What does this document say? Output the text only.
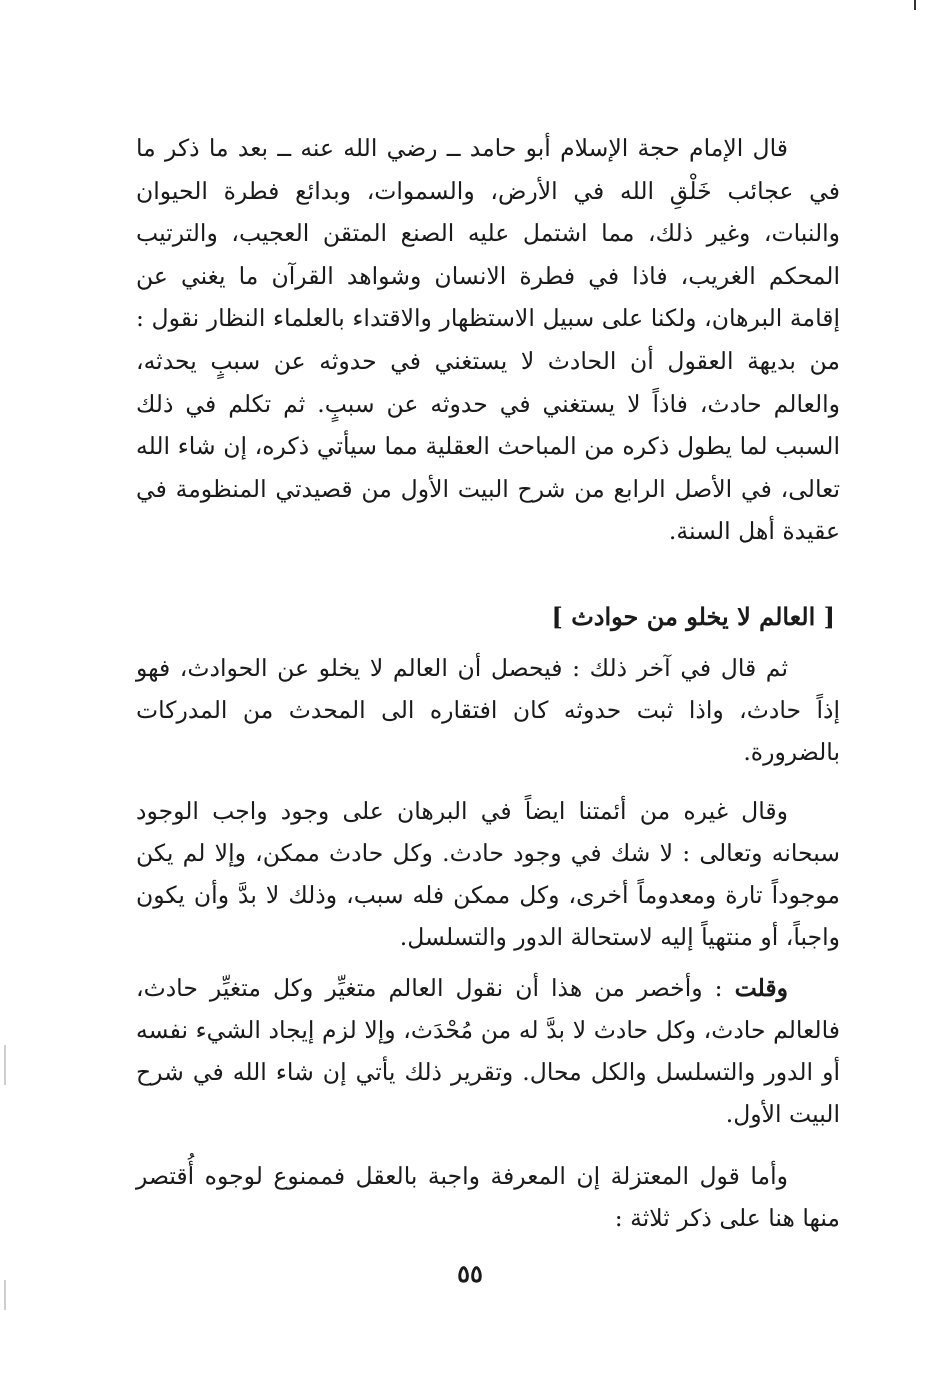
قال الإمام حجة الإسلام أبو حامد ــ رضي الله عنه ــ بعد ما ذكر ما في عجائب خَلْقِ الله في الأرض، والسموات، وبدائع فطرة الحيوان والنبات، وغير ذلك، مما اشتمل عليه الصنع المتقن العجيب، والترتيب المحكم الغريب، فاذا في فطرة الانسان وشواهد القرآن ما يغني عن إقامة البرهان، ولكنا على سبيل الاستظهار والاقتداء بالعلماء النظار نقول : من بديهة العقول أن الحادث لا يستغني في حدوثه عن سببٍ يحدثه، والعالم حادث، فاذاً لا يستغني في حدوثه عن سببٍ. ثم تكلم في ذلك السبب لما يطول ذكره من المباحث العقلية مما سيأتي ذكره، إن شاء الله تعالى، في الأصل الرابع من شرح البيت الأول من قصيدتي المنظومة في عقيدة أهل السنة.

[ العالم لا يخلو من حوادث ]

ثم قال في آخر ذلك : فيحصل أن العالم لا يخلو عن الحوادث، فهو إذاً حادث، واذا ثبت حدوثه كان افتقاره الى المحدث من المدركات بالضرورة.

وقال غيره من أئمتنا ايضاً في البرهان على وجود واجب الوجود سبحانه وتعالى : لا شك في وجود حادث. وكل حادث ممكن، وإلا لم يكن موجوداً تارة ومعدوماً أخرى، وكل ممكن فله سبب، وذلك لا بدَّ وأن يكون واجباً، أو منتهياً إليه لاستحالة الدور والتسلسل.

وقلت : وأخصر من هذا أن نقول العالم متغيِّر وكل متغيِّر حادث، فالعالم حادث، وكل حادث لا بدَّ له من مُحْدَث، وإلا لزم إيجاد الشيء نفسه أو الدور والتسلسل والكل محال. وتقرير ذلك يأتي إن شاء الله في شرح البيت الأول.

وأما قول المعتزلة إن المعرفة واجبة بالعقل فممنوع لوجوه أُقتصر منها هنا على ذكر ثلاثة :

٥٥
